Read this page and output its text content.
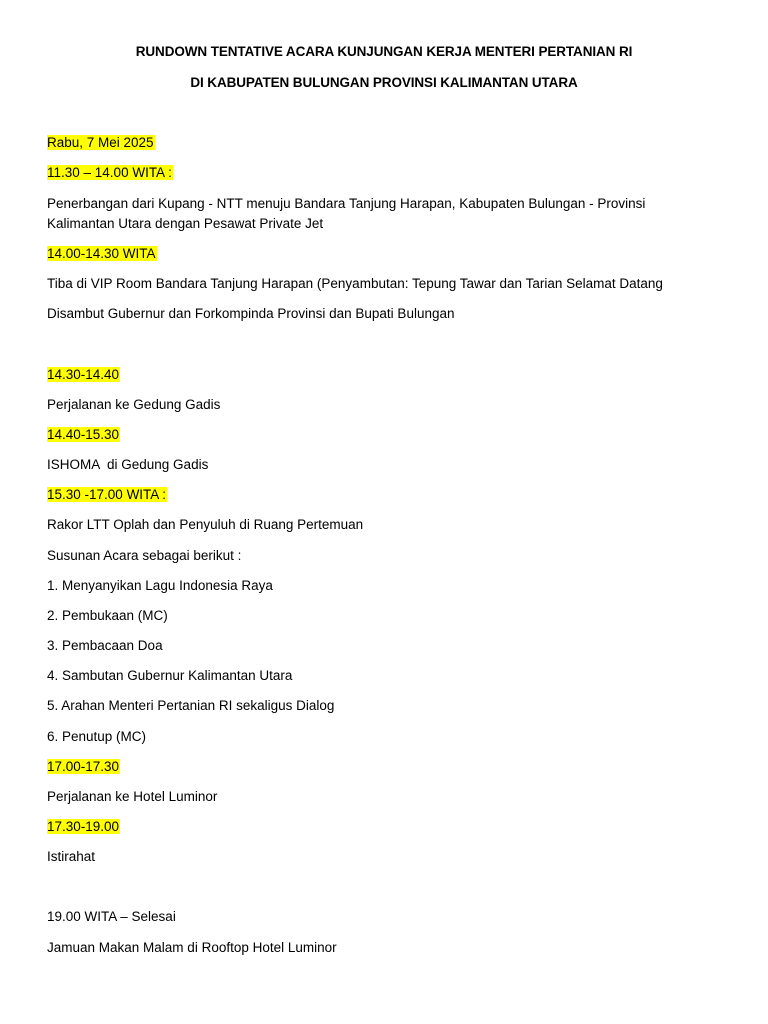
RUNDOWN TENTATIVE ACARA KUNJUNGAN KERJA MENTERI PERTANIAN RI
DI KABUPATEN BULUNGAN PROVINSI KALIMANTAN UTARA
Rabu, 7 Mei 2025
11.30 – 14.00 WITA :
Penerbangan dari Kupang - NTT menuju Bandara Tanjung Harapan, Kabupaten Bulungan - Provinsi
Kalimantan Utara dengan Pesawat Private Jet
14.00-14.30 WITA
Tiba di VIP Room Bandara Tanjung Harapan (Penyambutan: Tepung Tawar dan Tarian Selamat Datang
Disambut Gubernur dan Forkompinda Provinsi dan Bupati Bulungan
14.30-14.40
Perjalanan ke Gedung Gadis
14.40-15.30
ISHOMA  di Gedung Gadis
15.30 -17.00 WITA :
Rakor LTT Oplah dan Penyuluh di Ruang Pertemuan
Susunan Acara sebagai berikut :
1. Menyanyikan Lagu Indonesia Raya
2. Pembukaan (MC)
3. Pembacaan Doa
4. Sambutan Gubernur Kalimantan Utara
5. Arahan Menteri Pertanian RI sekaligus Dialog
6. Penutup (MC)
17.00-17.30
Perjalanan ke Hotel Luminor
17.30-19.00
Istirahat
19.00 WITA – Selesai
Jamuan Makan Malam di Rooftop Hotel Luminor
